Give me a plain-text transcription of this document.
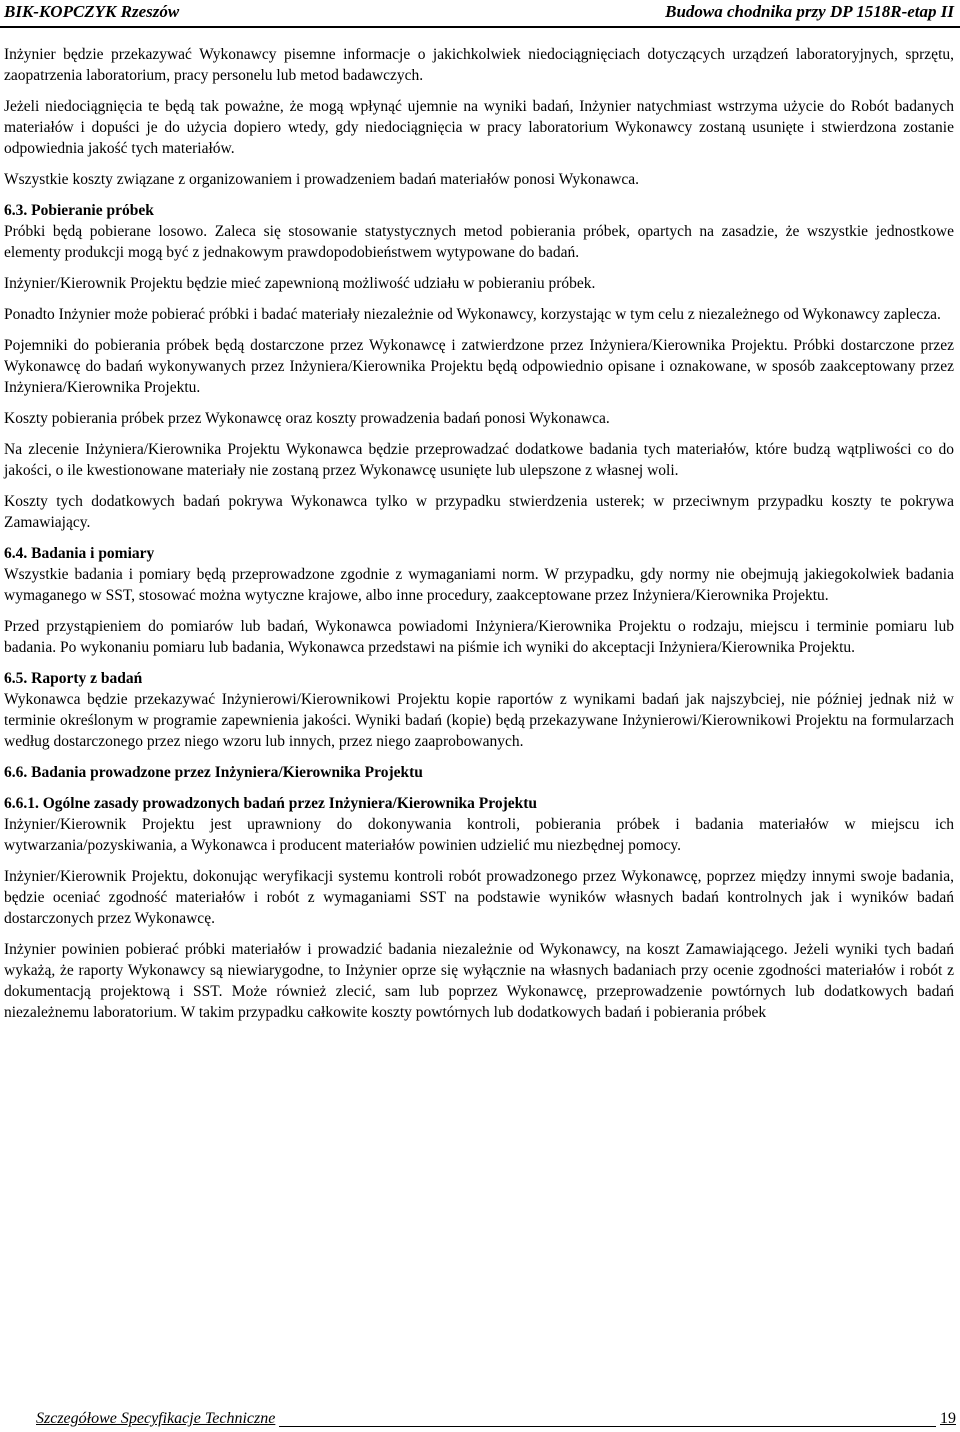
BIK-KOPCZYK Rzeszów	Budowa chodnika przy DP 1518R-etap II

Inżynier będzie przekazywać Wykonawcy pisemne informacje o jakichkolwiek niedociągnięciach dotyczących urządzeń laboratoryjnych, sprzętu, zaopatrzenia laboratorium, pracy personelu lub metod badawczych.

Jeżeli niedociągnięcia te będą tak poważne, że mogą wpłynąć ujemnie na wyniki badań, Inżynier natychmiast wstrzyma użycie do Robót badanych materiałów i dopuści je do użycia dopiero wtedy, gdy niedociągnięcia w pracy laboratorium Wykonawcy zostaną usunięte i stwierdzona zostanie odpowiednia jakość tych materiałów.

Wszystkie koszty związane z organizowaniem i prowadzeniem badań materiałów ponosi Wykonawca.

6.3. Pobieranie próbek

Próbki będą pobierane losowo. Zaleca się stosowanie statystycznych metod pobierania próbek, opartych na zasadzie, że wszystkie jednostkowe elementy produkcji mogą być z jednakowym prawdopodobieństwem wytypowane do badań.

Inżynier/Kierownik Projektu będzie mieć zapewnioną możliwość udziału w pobieraniu próbek.

Ponadto Inżynier może pobierać próbki i badać materiały niezależnie od Wykonawcy, korzystając w tym celu z niezależnego od Wykonawcy zaplecza.

Pojemniki do pobierania próbek będą dostarczone przez Wykonawcę i zatwierdzone przez Inżyniera/Kierownika Projektu. Próbki dostarczone przez Wykonawcę do badań wykonywanych przez Inżyniera/Kierownika Projektu będą odpowiednio opisane i oznakowane, w sposób zaakceptowany przez Inżyniera/Kierownika Projektu.

Koszty pobierania próbek przez Wykonawcę oraz koszty prowadzenia badań ponosi Wykonawca.

Na zlecenie Inżyniera/Kierownika Projektu Wykonawca będzie przeprowadzać dodatkowe badania tych materiałów, które budzą wątpliwości co do jakości, o ile kwestionowane materiały nie zostaną przez Wykonawcę usunięte lub ulepszone z własnej woli.

Koszty tych dodatkowych badań pokrywa Wykonawca tylko w przypadku stwierdzenia usterek; w przeciwnym przypadku koszty te pokrywa Zamawiający.

6.4. Badania i pomiary

Wszystkie badania i pomiary będą przeprowadzone zgodnie z wymaganiami norm. W przypadku, gdy normy nie obejmują jakiegokolwiek badania wymaganego w SST, stosować można wytyczne krajowe, albo inne procedury, zaakceptowane przez Inżyniera/Kierownika Projektu.

Przed przystąpieniem do pomiarów lub badań, Wykonawca powiadomi Inżyniera/Kierownika Projektu o rodzaju, miejscu i terminie pomiaru lub badania. Po wykonaniu pomiaru lub badania, Wykonawca przedstawi na piśmie ich wyniki do akceptacji Inżyniera/Kierownika Projektu.

6.5. Raporty z badań

Wykonawca będzie przekazywać Inżynierowi/Kierownikowi Projektu kopie raportów z wynikami badań jak najszybciej, nie później jednak niż w terminie określonym w programie zapewnienia jakości. Wyniki badań (kopie) będą przekazywane Inżynierowi/Kierownikowi Projektu na formularzach według dostarczonego przez niego wzoru lub innych, przez niego zaaprobowanych.

6.6. Badania prowadzone przez Inżyniera/Kierownika Projektu
6.6.1. Ogólne zasady prowadzonych badań przez Inżyniera/Kierownika Projektu

Inżynier/Kierownik Projektu jest uprawniony do dokonywania kontroli, pobierania próbek i badania materiałów w miejscu ich wytwarzania/pozyskiwania, a Wykonawca i producent materiałów powinien udzielić mu niezbędnej pomocy.

Inżynier/Kierownik Projektu, dokonując weryfikacji systemu kontroli robót prowadzonego przez Wykonawcę, poprzez między innymi swoje badania, będzie oceniać zgodność materiałów i robót z wymaganiami SST na podstawie wyników własnych badań kontrolnych jak i wyników badań dostarczonych przez Wykonawcę.

Inżynier powinien pobierać próbki materiałów i prowadzić badania niezależnie od Wykonawcy, na koszt Zamawiającego. Jeżeli wyniki tych badań wykażą, że raporty Wykonawcy są niewiarygodne, to Inżynier oprze się wyłącznie na własnych badaniach przy ocenie zgodności materiałów i robót z dokumentacją projektową i SST. Może również zlecić, sam lub poprzez Wykonawcę, przeprowadzenie powtórnych lub dodatkowych badań niezależnemu laboratorium. W takim przypadku całkowite koszty powtórnych lub dodatkowych badań i pobierania próbek

Szczegółowe Specyfikacje Techniczne	19
